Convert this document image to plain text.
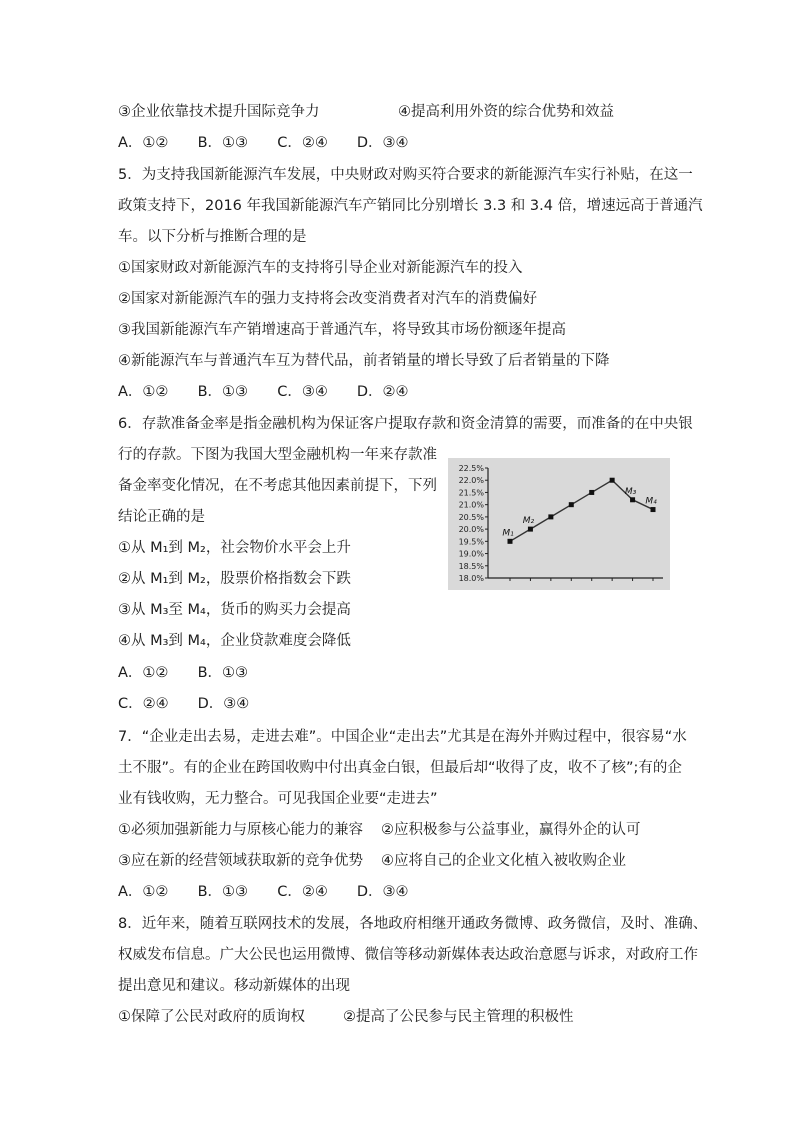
③企业依靠技术提升国际竞争力	④提高利用外资的综合优势和效益
A．①② B．①③ C．②④ D．③④
5．为支持我国新能源汽车发展，中央财政对购买符合要求的新能源汽车实行补贴，在这一
政策支持下，2016 年我国新能源汽车产销同比分别增长 3.3 和 3.4 倍，增速远高于普通汽
车。以下分析与推断合理的是
①国家财政对新能源汽车的支持将引导企业对新能源汽车的投入
②国家对新能源汽车的强力支持将会改变消费者对汽车的消费偏好
③我国新能源汽车产销增速高于普通汽车，将导致其市场份额逐年提高
④新能源汽车与普通汽车互为替代品，前者销量的增长导致了后者销量的下降
A．①② B．①③ C．③④ D．②④
6．存款准备金率是指金融机构为保证客户提取存款和资金清算的需要，而准备的在中央银
行的存款。下图为我国大型金融机构一年来存款准
备金率变化情况，在不考虑其他因素前提下，下列
结论正确的是
①从 M₁到 M₂，社会物价水平会上升
②从 M₁到 M₂，股票价格指数会下跌
③从 M₃至 M₄，货币的购买力会提高
④从 M₃到 M₄，企业贷款难度会降低
A．①② B．①③
C．②④ D．③④
22.5%
22.0%
21.5%
21.0%
20.5%
20.0%
19.5%
19.0%
18.5%
18.0%
M₁
M₂
M₃
M₄
7．“企业走出去易，走进去难”。中国企业“走出去”尤其是在海外并购过程中，很容易“水
土不服”。有的企业在跨国收购中付出真金白银，但最后却“收得了皮，收不了核”;有的企
业有钱收购，无力整合。可见我国企业要“走进去”
①必须加强新能力与原核心能力的兼容 ②应积极参与公益事业，赢得外企的认可
③应在新的经营领域获取新的竞争优势 ④应将自己的企业文化植入被收购企业
A．①② B．①③ C．②④ D．③④
8．近年来，随着互联网技术的发展，各地政府相继开通政务微博、政务微信，及时、准确、
权威发布信息。广大公民也运用微博、微信等移动新媒体表达政治意愿与诉求，对政府工作
提出意见和建议。移动新媒体的出现
①保障了公民对政府的质询权	②提高了公民参与民主管理的积极性
